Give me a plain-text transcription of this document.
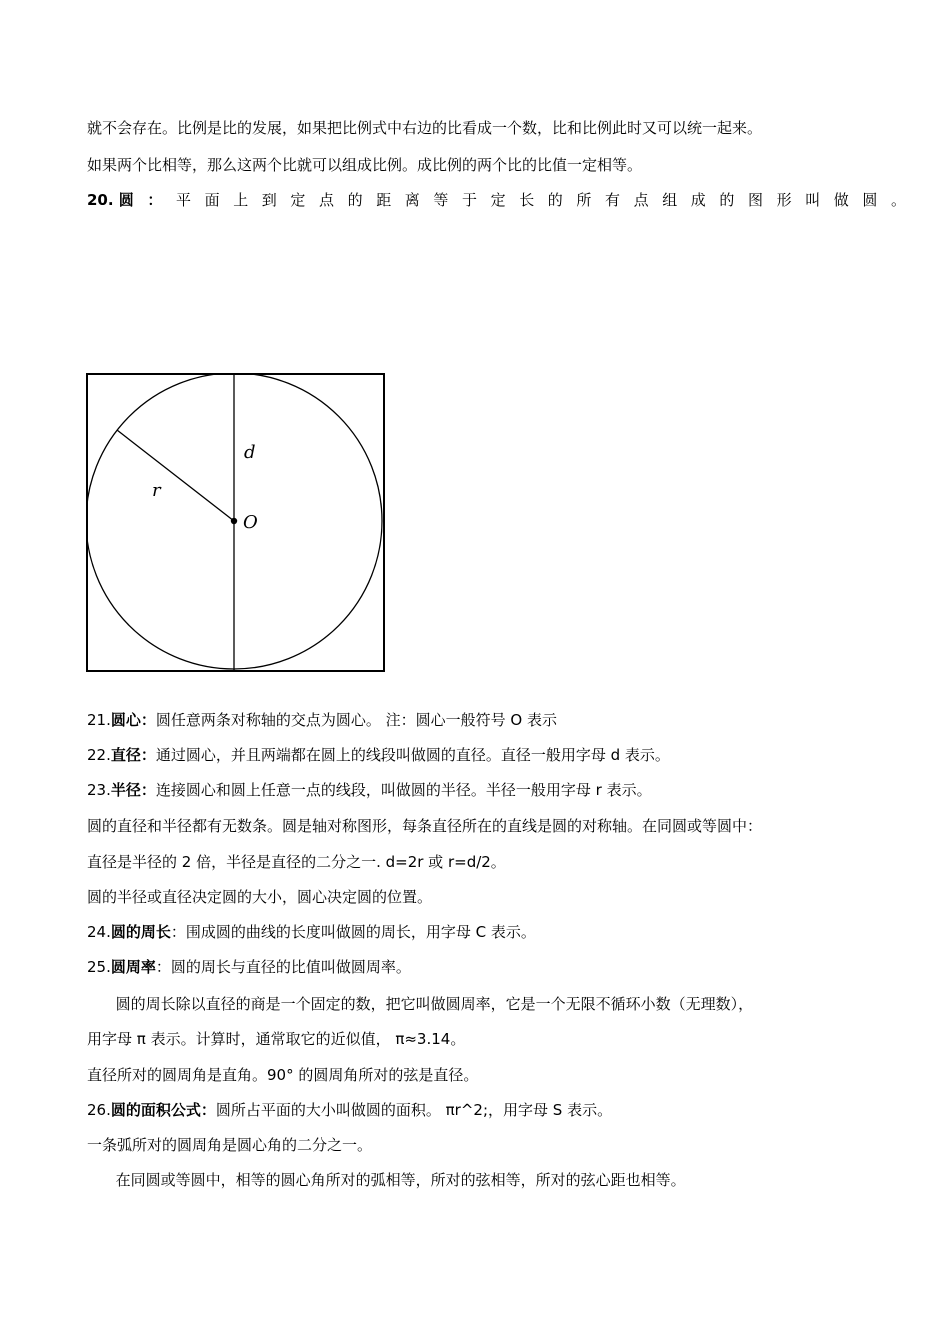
就不会存在。比例是比的发展，如果把比例式中右边的比看成一个数，比和比例此时又可以统一起来。
如果两个比相等，那么这两个比就可以组成比例。成比例的两个比的比值一定相等。
20. 圆：平面上到定点的距离等于定长的所有点组成的图形叫做圆。
d
r
O
21.圆心：圆任意两条对称轴的交点为圆心。 注：圆心一般符号 O 表示
22.直径：通过圆心，并且两端都在圆上的线段叫做圆的直径。直径一般用字母 d 表示。
23.半径：连接圆心和圆上任意一点的线段，叫做圆的半径。半径一般用字母 r 表示。
圆的直径和半径都有无数条。圆是轴对称图形，每条直径所在的直线是圆的对称轴。在同圆或等圆中：
直径是半径的 2 倍，半径是直径的二分之一. d=2r 或 r=d/2。
圆的半径或直径决定圆的大小，圆心决定圆的位置。
24.圆的周长：围成圆的曲线的长度叫做圆的周长，用字母 C 表示。
25.圆周率：圆的周长与直径的比值叫做圆周率。
圆的周长除以直径的商是一个固定的数，把它叫做圆周率，它是一个无限不循环小数（无理数），
用字母 π 表示。计算时，通常取它的近似值， π≈3.14。
直径所对的圆周角是直角。90° 的圆周角所对的弦是直径。
26.圆的面积公式：圆所占平面的大小叫做圆的面积。 πr^2;，用字母 S 表示。
一条弧所对的圆周角是圆心角的二分之一。
在同圆或等圆中，相等的圆心角所对的弧相等，所对的弦相等，所对的弦心距也相等。
